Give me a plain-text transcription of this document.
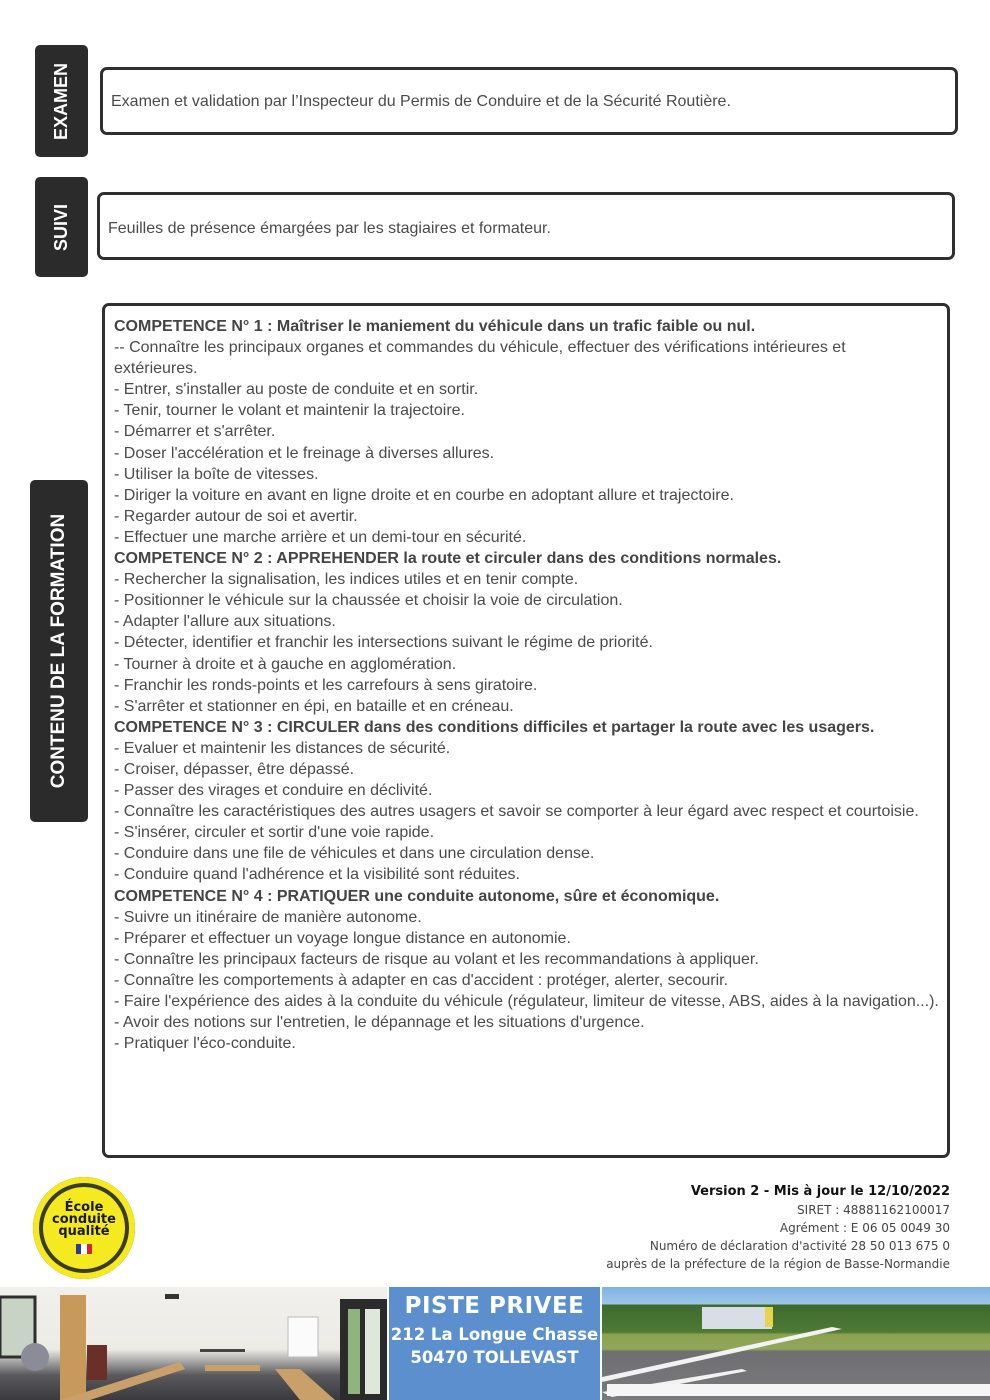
EXAMEN Examen et validation par l’Inspecteur du Permis de Conduire et de la Sécurité Routière.
SUIVI Feuilles de présence émargées par les stagiaires et formateur.
CONTENU DE LA FORMATION
COMPETENCE N° 1 : Maîtriser le maniement du véhicule dans un trafic faible ou nul.
-- Connaître les principaux organes et commandes du véhicule, effectuer des vérifications intérieures et
extérieures.
- Entrer, s'installer au poste de conduite et en sortir.
- Tenir, tourner le volant et maintenir la trajectoire.
- Démarrer et s'arrêter.
- Doser l'accélération et le freinage à diverses allures.
- Utiliser la boîte de vitesses.
- Diriger la voiture en avant en ligne droite et en courbe en adoptant allure et trajectoire.
- Regarder autour de soi et avertir.
- Effectuer une marche arrière et un demi-tour en sécurité.
COMPETENCE N° 2 : APPREHENDER la route et circuler dans des conditions normales.
- Rechercher la signalisation, les indices utiles et en tenir compte.
- Positionner le véhicule sur la chaussée et choisir la voie de circulation.
- Adapter l'allure aux situations.
- Détecter, identifier et franchir les intersections suivant le régime de priorité.
- Tourner à droite et à gauche en agglomération.
- Franchir les ronds-points et les carrefours à sens giratoire.
- S'arrêter et stationner en épi, en bataille et en créneau.
COMPETENCE N° 3 : CIRCULER dans des conditions difficiles et partager la route avec les usagers.
- Evaluer et maintenir les distances de sécurité.
- Croiser, dépasser, être dépassé.
- Passer des virages et conduire en déclivité.
- Connaître les caractéristiques des autres usagers et savoir se comporter à leur égard avec respect et courtoisie.
- S'insérer, circuler et sortir d'une voie rapide.
- Conduire dans une file de véhicules et dans une circulation dense.
- Conduire quand l'adhérence et la visibilité sont réduites.
COMPETENCE N° 4 : PRATIQUER une conduite autonome, sûre et économique.
- Suivre un itinéraire de manière autonome.
- Préparer et effectuer un voyage longue distance en autonomie.
- Connaître les principaux facteurs de risque au volant et les recommandations à appliquer.
- Connaître les comportements à adapter en cas d'accident : protéger, alerter, secourir.
- Faire l'expérience des aides à la conduite du véhicule (régulateur, limiteur de vitesse, ABS, aides à la navigation...).
- Avoir des notions sur l'entretien, le dépannage et les situations d'urgence.
- Pratiquer l'éco-conduite.
École
conduite
qualité
Version 2 - Mis à jour le 12/10/2022
SIRET : 48881162100017
Agrément : E 06 05 0049 30
Numéro de déclaration d'activité 28 50 013 675 0
auprès de la préfecture de la région de Basse-Normandie
PISTE PRIVEE
212 La Longue Chasse
50470 TOLLEVAST
